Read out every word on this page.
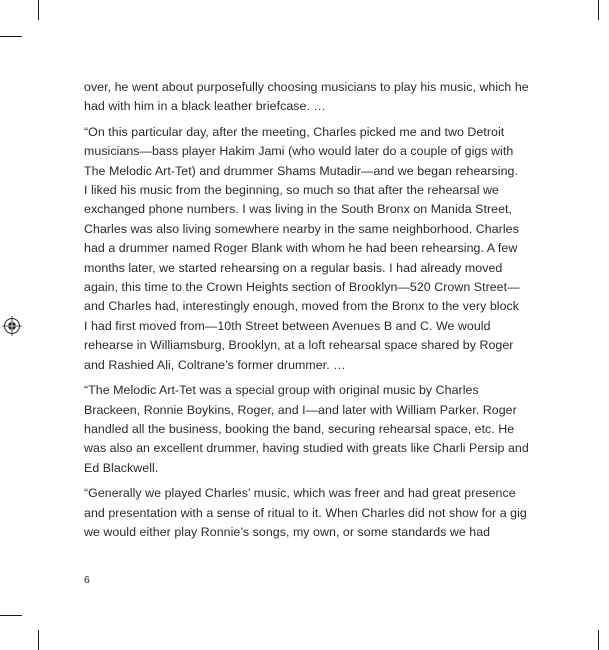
over, he went about purposefully choosing musicians to play his music, which he
had with him in a black leather briefcase. …

“On this particular day, after the meeting, Charles picked me and two Detroit
musicians—bass player Hakim Jami (who would later do a couple of gigs with
The Melodic Art-Tet) and drummer Shams Mutadir—and we began rehearsing.
I liked his music from the beginning, so much so that after the rehearsal we
exchanged phone numbers. I was living in the South Bronx on Manida Street,
Charles was also living somewhere nearby in the same neighborhood. Charles
had a drummer named Roger Blank with whom he had been rehearsing. A few
months later, we started rehearsing on a regular basis. I had already moved
again, this time to the Crown Heights section of Brooklyn—520 Crown Street—
and Charles had, interestingly enough, moved from the Bronx to the very block
I had first moved from—10th Street between Avenues B and C. We would
rehearse in Williamsburg, Brooklyn, at a loft rehearsal space shared by Roger
and Rashied Ali, Coltrane’s former drummer. …

“The Melodic Art-Tet was a special group with original music by Charles
Brackeen, Ronnie Boykins, Roger, and I—and later with William Parker. Roger
handled all the business, booking the band, securing rehearsal space, etc. He
was also an excellent drummer, having studied with greats like Charli Persip and
Ed Blackwell.

“Generally we played Charles’ music, which was freer and had great presence
and presentation with a sense of ritual to it. When Charles did not show for a gig
we would either play Ronnie’s songs, my own, or some standards we had

6
